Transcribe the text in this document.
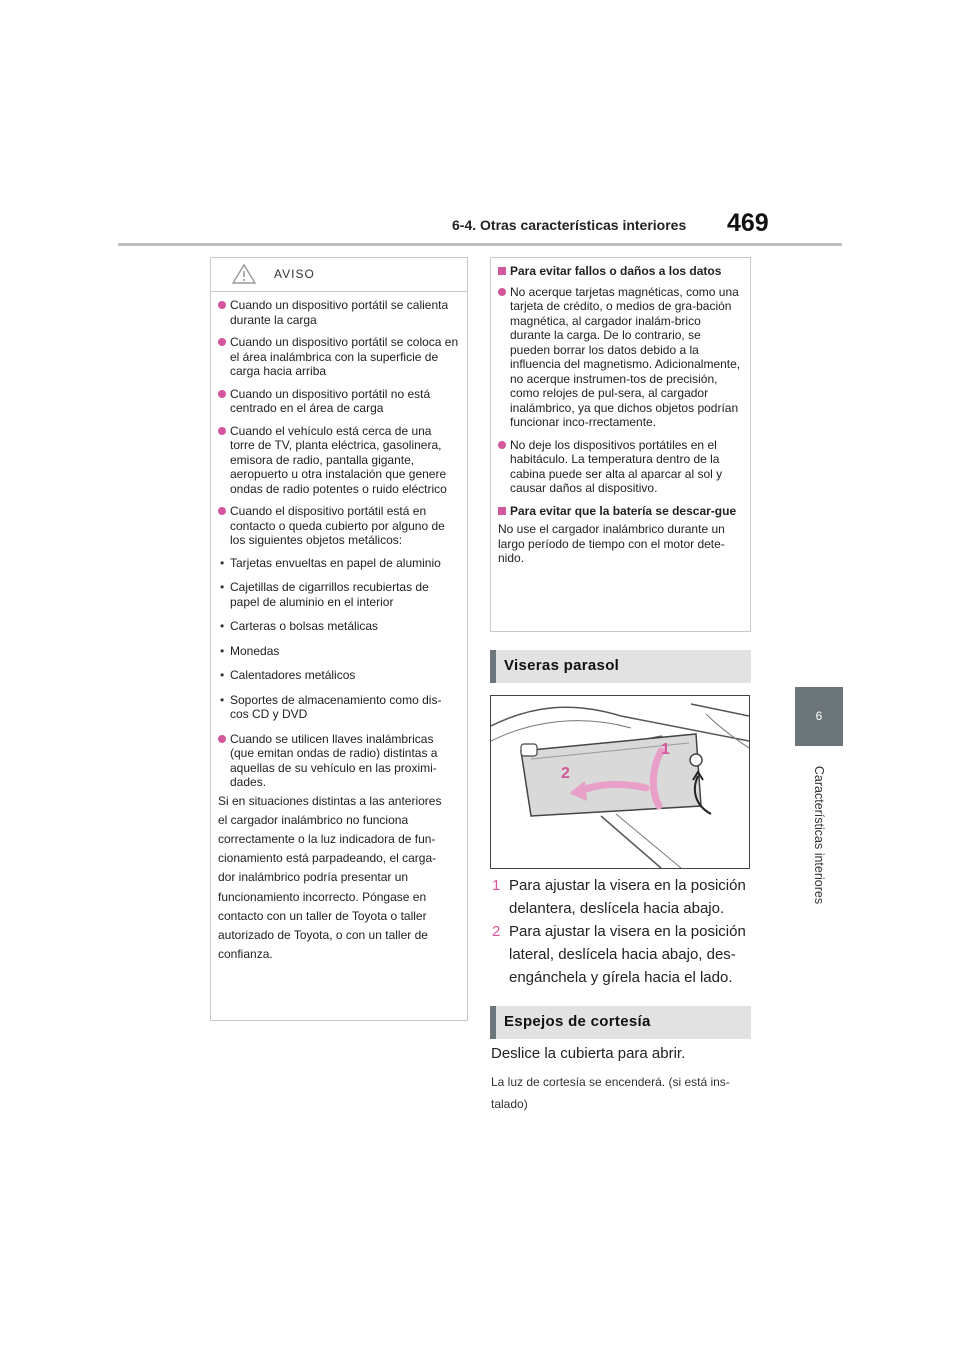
6-4. Otras características interiores 469
6
Características interiores
AVISO

Cuando un dispositivo portátil se calienta durante la carga

Cuando un dispositivo portátil se coloca en el área inalámbrica con la superficie de carga hacia arriba

Cuando un dispositivo portátil no está centrado en el área de carga

Cuando el vehículo está cerca de una torre de TV, planta eléctrica, gasolinera, emisora de radio, pantalla gigante, aeropuerto u otra instalación que genere ondas de radio potentes o ruido eléctrico

Cuando el dispositivo portátil está en contacto o queda cubierto por alguno de los siguientes objetos metálicos:

• Tarjetas envueltas en papel de aluminio

• Cajetillas de cigarrillos recubiertas de papel de aluminio en el interior

• Carteras o bolsas metálicas

• Monedas

• Calentadores metálicos

• Soportes de almacenamiento como dis-cos CD y DVD

Cuando se utilicen llaves inalámbricas (que emitan ondas de radio) distintas a aquellas de su vehículo en las proximi-dades.

Si en situaciones distintas a las anteriores

el cargador inalámbrico no funciona

correctamente o la luz indicadora de fun-

cionamiento está parpadeando, el carga-

dor inalámbrico podría presentar un

funcionamiento incorrecto. Póngase en

contacto con un taller de Toyota o taller

autorizado de Toyota, o con un taller de

confianza.

Para evitar fallos o daños a los datos

No acerque tarjetas magnéticas, como una tarjeta de crédito, o medios de gra-bación magnética, al cargador inalám-brico durante la carga. De lo contrario, se pueden borrar los datos debido a la influencia del magnetismo. Adicionalmente, no acerque instrumen-tos de precisión, como relojes de pul-sera, al cargador inalámbrico, ya que dichos objetos podrían funcionar inco-rrectamente.

No deje los dispositivos portátiles en el habitáculo. La temperatura dentro de la cabina puede ser alta al aparcar al sol y causar daños al dispositivo.

Para evitar que la batería se descar-gue

No use el cargador inalámbrico durante un largo período de tiempo con el motor dete-nido.

Viseras parasol
1
2
1 Para ajustar la visera en la posición
delantera, deslícela hacia abajo.
2 Para ajustar la visera en la posición
lateral, deslícela hacia abajo, des-
engánchela y gírela hacia el lado.
Espejos de cortesía
Deslice la cubierta para abrir.
La luz de cortesía se encenderá. (si está ins-
talado)
